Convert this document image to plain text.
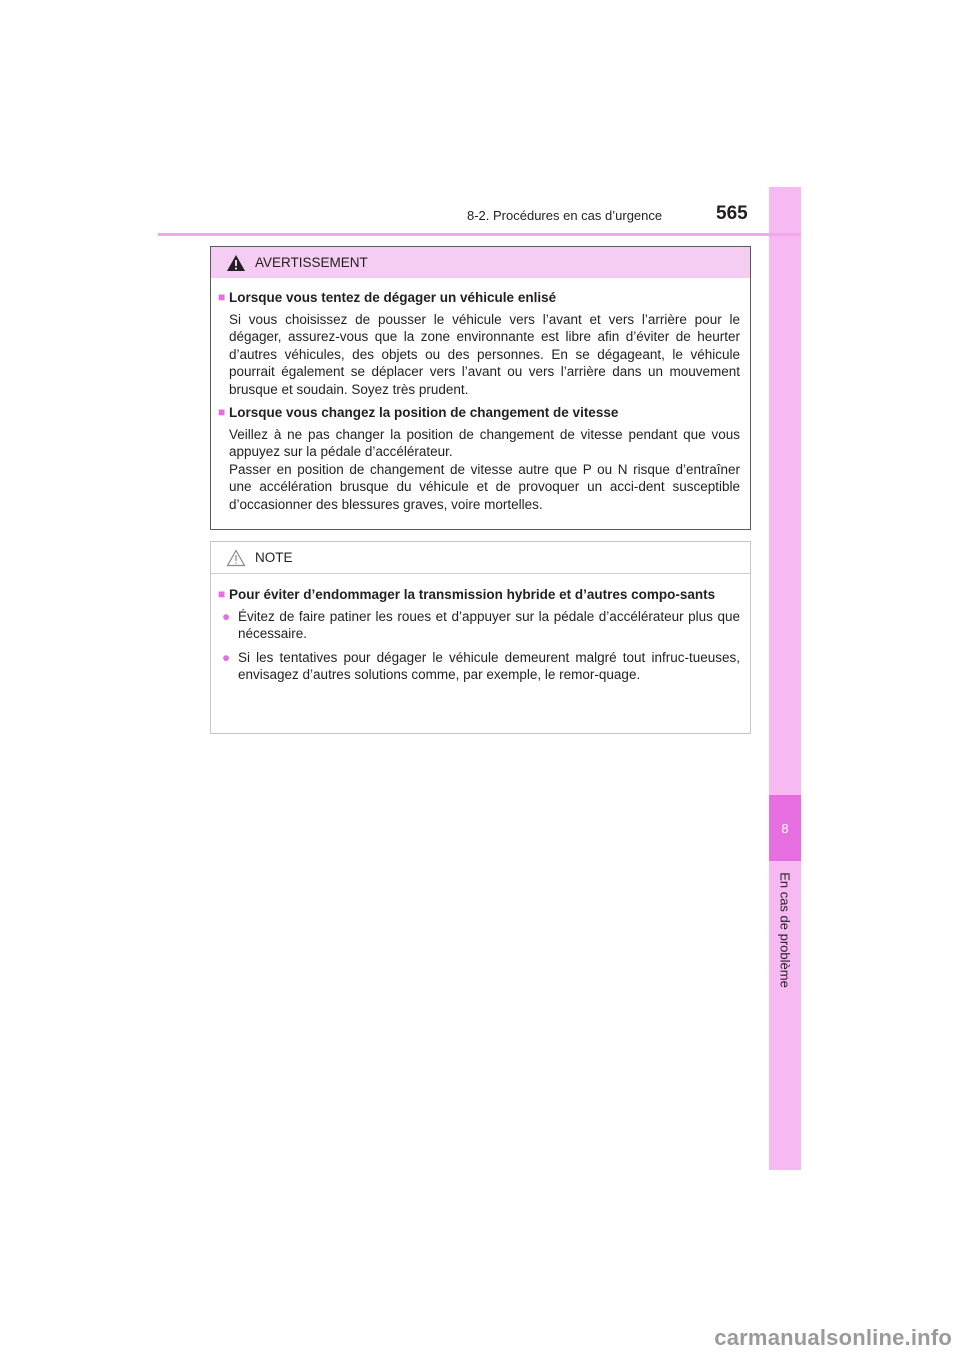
8
En cas de problème
8-2. Procédures en cas d’urgence	565
AVERTISSEMENT
■ Lorsque vous tentez de dégager un véhicule enlisé
Si vous choisissez de pousser le véhicule vers l’avant et vers l’arrière pour le dégager, assurez-vous que la zone environnante est libre afin d’éviter de heurter d’autres véhicules, des objets ou des personnes. En se dégageant, le véhicule pourrait également se déplacer vers l’avant ou vers l’arrière dans un mouvement brusque et soudain. Soyez très prudent.
■ Lorsque vous changez la position de changement de vitesse
Veillez à ne pas changer la position de changement de vitesse pendant que vous appuyez sur la pédale d’accélérateur.
Passer en position de changement de vitesse autre que P ou N risque d’entraîner une accélération brusque du véhicule et de provoquer un acci-dent susceptible d’occasionner des blessures graves, voire mortelles.
NOTE
■ Pour éviter d’endommager la transmission hybride et d’autres compo-sants
● Évitez de faire patiner les roues et d’appuyer sur la pédale d’accélérateur plus que nécessaire.
● Si les tentatives pour dégager le véhicule demeurent malgré tout infruc-tueuses, envisagez d’autres solutions comme, par exemple, le remor-quage.
carmanualsonline.info
